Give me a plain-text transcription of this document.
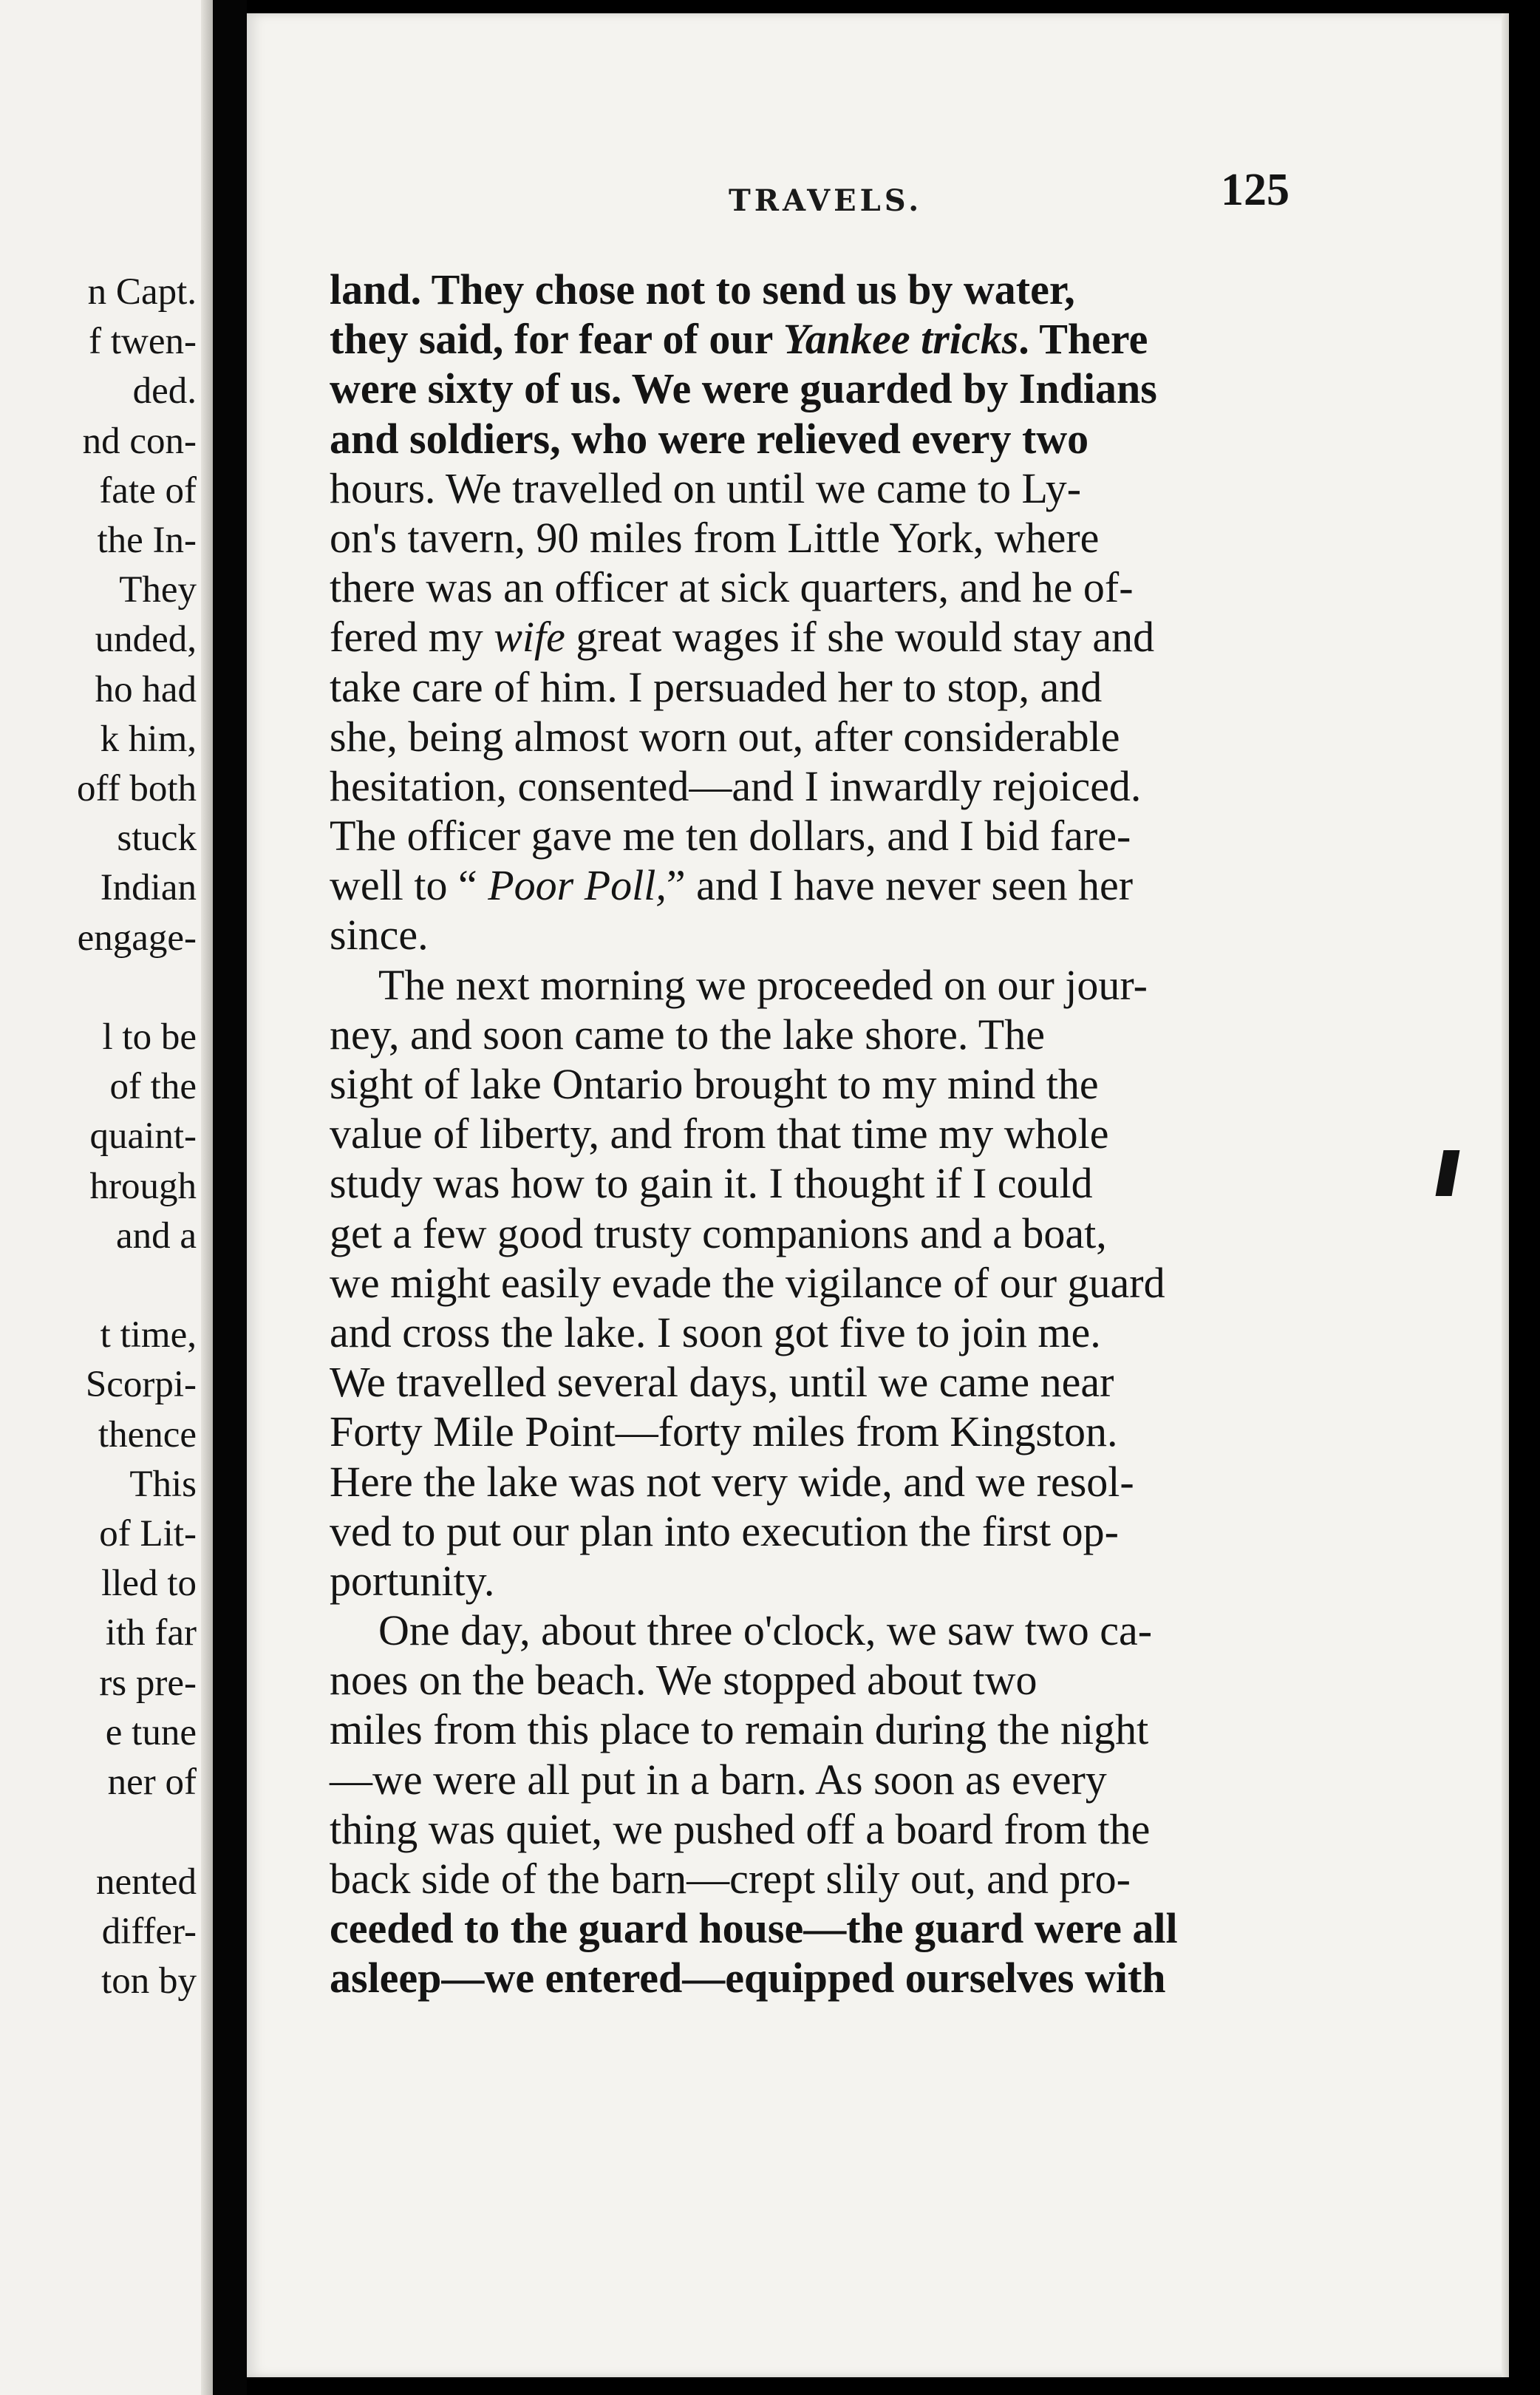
n Capt.
f twen-
ded.
nd con-
fate of
the In-
They
unded,
ho had
k him,
off both
stuck
Indian
engage-

l to be
of the
quaint-
hrough
and a

t time,
Scorpi-
thence
This
of Lit-
lled to
ith far
rs pre-
e tune
ner of

nented
differ-
ton by
TRAVELS.	125
land. They chose not to send us by water,
they said, for fear of our Yankee tricks. There
were sixty of us. We were guarded by Indians
and soldiers, who were relieved every two
hours. We travelled on until we came to Ly-
on's tavern, 90 miles from Little York, where
there was an officer at sick quarters, and he of-
fered my wife great wages if she would stay and
take care of him. I persuaded her to stop, and
she, being almost worn out, after considerable
hesitation, consented—and I inwardly rejoiced.
The officer gave me ten dollars, and I bid fare-
well to “ Poor Poll,” and I have never seen her
since.
The next morning we proceeded on our jour-
ney, and soon came to the lake shore. The
sight of lake Ontario brought to my mind the
value of liberty, and from that time my whole
study was how to gain it. I thought if I could
get a few good trusty companions and a boat,
we might easily evade the vigilance of our guard
and cross the lake. I soon got five to join me.
We travelled several days, until we came near
Forty Mile Point—forty miles from Kingston.
Here the lake was not very wide, and we resol-
ved to put our plan into execution the first op-
portunity.
One day, about three o'clock, we saw two ca-
noes on the beach. We stopped about two
miles from this place to remain during the night
—we were all put in a barn. As soon as every
thing was quiet, we pushed off a board from the
back side of the barn—crept slily out, and pro-
ceeded to the guard house—the guard were all
asleep—we entered—equipped ourselves with
